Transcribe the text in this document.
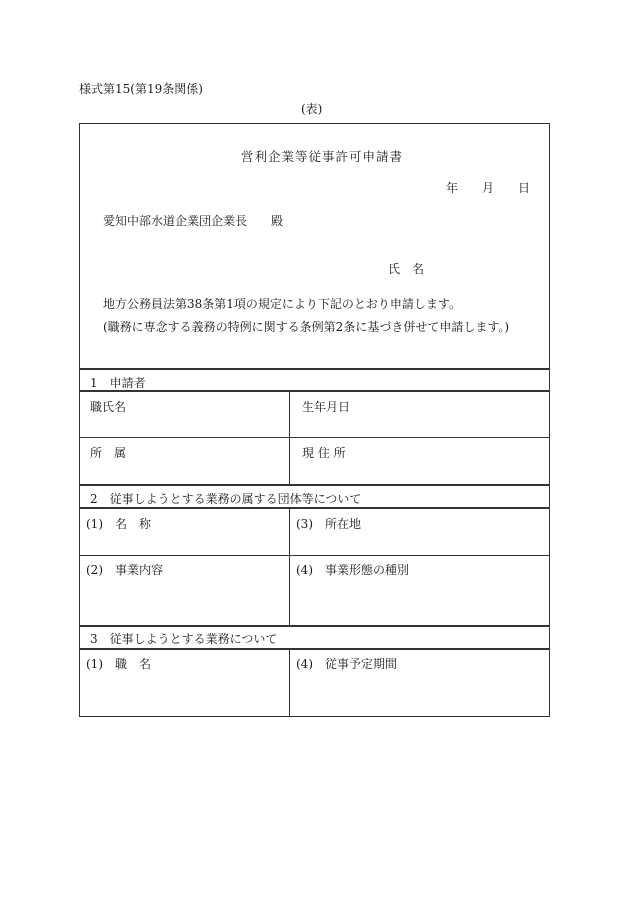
様式第15(第19条関係)
(表)
営利企業等従事許可申請書
年 月 日
愛知中部水道企業団企業長　　殿
氏　名
地方公務員法第38条第1項の規定により下記のとおり申請します。
(職務に専念する義務の特例に関する条例第2条に基づき併せて申請します。)
1　申請者
職氏名	生年月日
所　属	現 住 所
2　従事しようとする業務の属する団体等について
(1)　名　称	(3)　所在地
(2)　事業内容	(4)　事業形態の種別
3　従事しようとする業務について
(1)　職　名	(4)　従事予定期間
